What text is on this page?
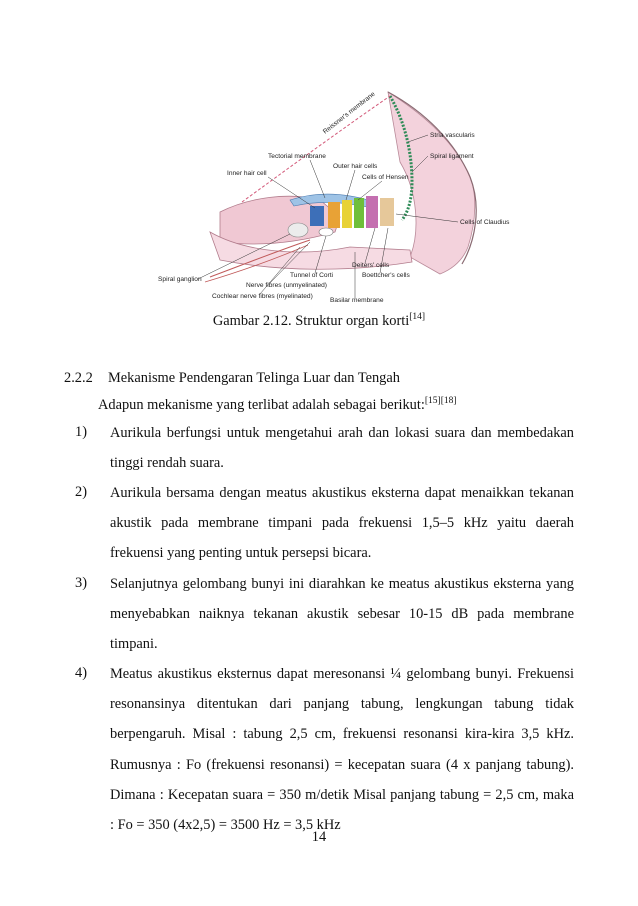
Reissner's membrane	Stria vascularis
Tectorial membrane
Outer hair cells
Inner hair cell
Cells of Hensen
Spiral ligament
Cells of Claudius
Spiral ganglion
Tunnel of Corti
Deiters' cells
Boettcher's cells
Nerve fibres (unmyelinated)
Cochlear nerve fibres (myelinated)
Basilar membrane
Gambar 2.12. Struktur organ korti[14]
2.2.2 Mekanisme Pendengaran Telinga Luar dan Tengah
Adapun mekanisme yang terlibat adalah sebagai berikut:[15][18]
1) Aurikula berfungsi untuk mengetahui arah dan lokasi suara dan membedakan tinggi rendah suara.
2) Aurikula bersama dengan meatus akustikus eksterna dapat menaikkan tekanan akustik pada membrane timpani pada frekuensi 1,5–5 kHz yaitu daerah frekuensi yang penting untuk persepsi bicara.
3) Selanjutnya gelombang bunyi ini diarahkan ke meatus akustikus eksterna yang menyebabkan naiknya tekanan akustik sebesar 10-15 dB pada membrane timpani.
4) Meatus akustikus eksternus dapat meresonansi ¼ gelombang bunyi. Frekuensi resonansinya ditentukan dari panjang tabung, lengkungan tabung tidak berpengaruh. Misal : tabung 2,5 cm, frekuensi resonansi kira-kira 3,5 kHz. Rumusnya : Fo (frekuensi resonansi) = kecepatan suara (4 x panjang tabung). Dimana : Kecepatan suara = 350 m/detik Misal panjang tabung = 2,5 cm, maka : Fo = 350 (4x2,5) = 3500 Hz = 3,5 kHz
14
